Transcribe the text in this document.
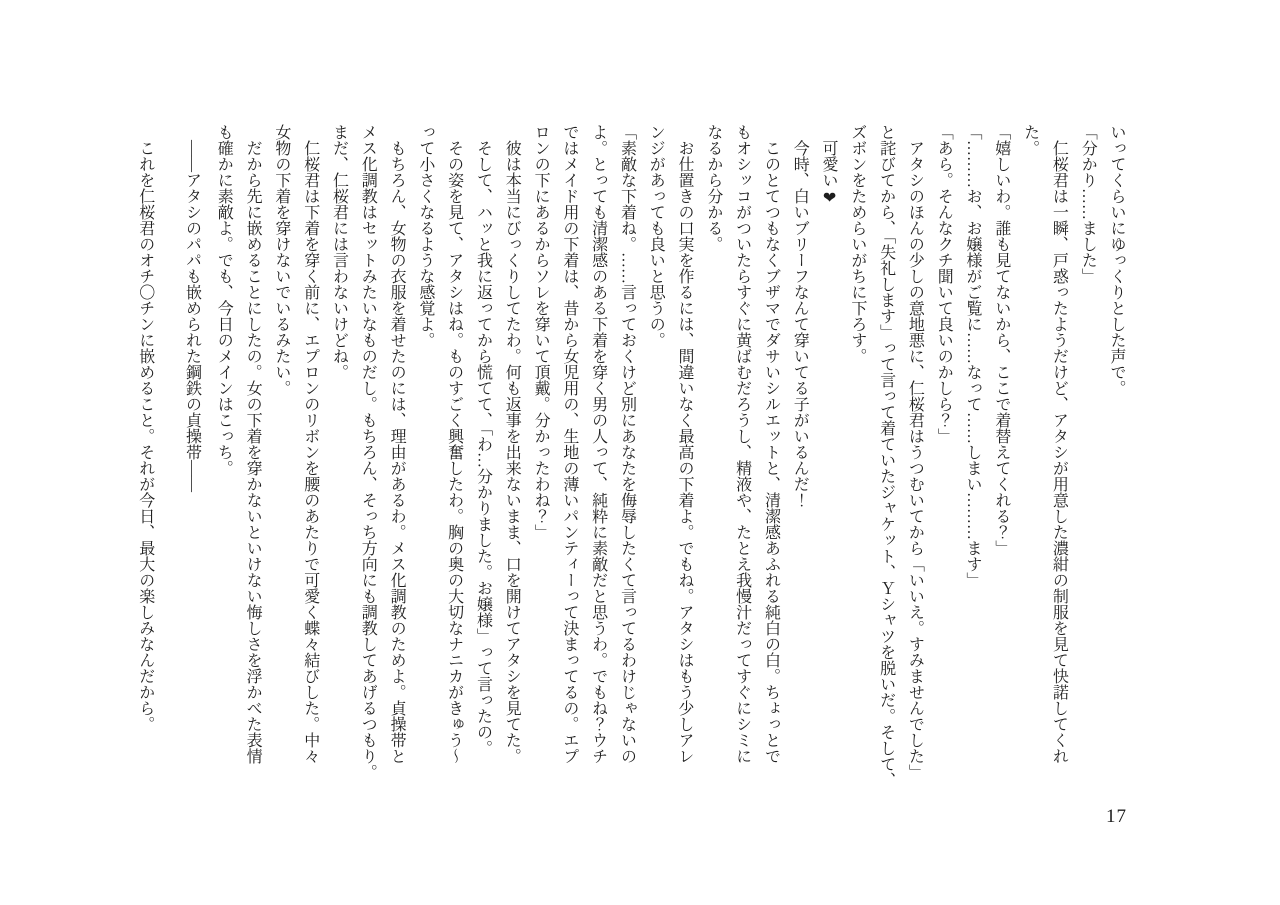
いってくらいにゆっくりとした声で。
「分かり……ました」
仁桜君は一瞬、戸惑ったようだけど、アタシが用意した濃紺の制服を見て快諾してくれ
た。
「嬉しいわ。誰も見てないから、ここで着替えてくれる？」
「………お、お嬢様がご覧に……なって……しまい………ます」
「あら。そんなクチ聞いて良いのかしら？」
アタシのほんの少しの意地悪に、仁桜君はうつむいてから「いいえ。すみませんでした」
と詫びてから、「失礼します」って言って着ていたジャケット、Ｙシャツを脱いだ。そして、
ズボンをためらいがちに下ろす。
可愛い❤
今時、白いブリーフなんて穿いてる子がいるんだ！
このとてつもなくブザマでダサいシルエットと、清潔感あふれる純白の白。ちょっとで
もオシッコがついたらすぐに黄ばむだろうし、精液や、たとえ我慢汁だってすぐにシミに
なるから分かる。
お仕置きの口実を作るには、間違いなく最高の下着よ。でもね。アタシはもう少しアレ
ンジがあっても良いと思うの。
「素敵な下着ね。……言っておくけど別にあなたを侮辱したくて言ってるわけじゃないの
よ。とっても清潔感のある下着を穿く男の人って、純粋に素敵だと思うわ。でもね？ウチ
ではメイド用の下着は、昔から女児用の、生地の薄いパンティーって決まってるの。エプ
ロンの下にあるからソレを穿いて頂戴。分かったわね？」
彼は本当にびっくりしてたわ。何も返事を出来ないまま、口を開けてアタシを見てた。
そして、ハッと我に返ってから慌てて、「わ…分かりました。お嬢様」って言ったの。
その姿を見て、アタシはね。ものすごく興奮したわ。胸の奥の大切なナニカがきゅう～
って小さくなるような感覚よ。
もちろん、女物の衣服を着せたのには、理由があるわ。メス化調教のためよ。貞操帯と
メス化調教はセットみたいなものだし。もちろん、そっち方向にも調教してあげるつもり。
まだ、仁桜君には言わないけどね。
仁桜君は下着を穿く前に、エプロンのリボンを腰のあたりで可愛く蝶々結びした。中々
女物の下着を穿けないでいるみたい。
だから先に嵌めることにしたの。女の下着を穿かないといけない悔しさを浮かべた表情
も確かに素敵よ。でも、今日のメインはこっち。
――アタシのパパも嵌められた鋼鉄の貞操帯――
これを仁桜君のオチ〇チンに嵌めること。それが今日、最大の楽しみなんだから。
17
